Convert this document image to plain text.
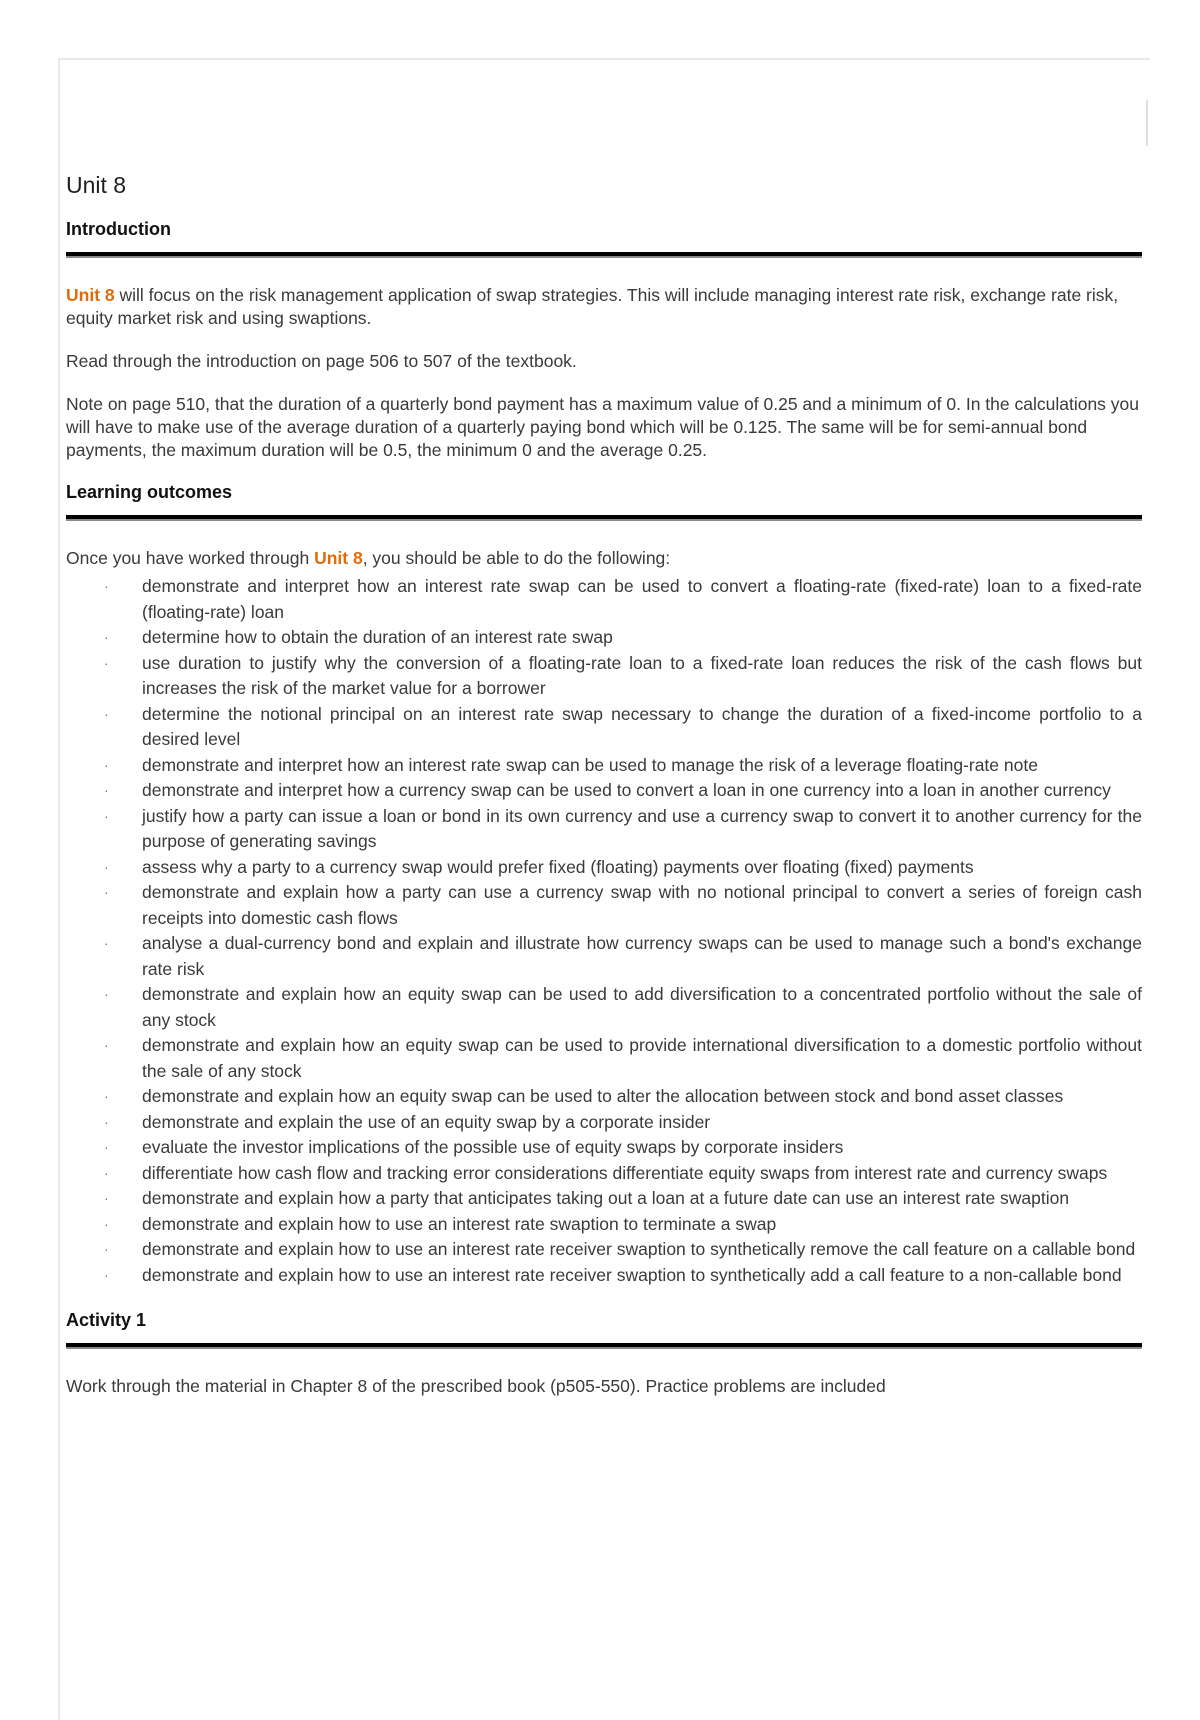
Unit 8
Introduction

Unit 8 will focus on the risk management application of swap strategies. This will include managing interest rate risk, exchange rate risk, equity market risk and using swaptions.

Read through the introduction on page 506 to 507 of the textbook.

Note on page 510, that the duration of a quarterly bond payment has a maximum value of 0.25 and a minimum of 0. In the calculations you will have to make use of the average duration of a quarterly paying bond which will be 0.125. The same will be for semi-annual bond payments, the maximum duration will be 0.5, the minimum 0 and the average 0.25.

Learning outcomes

Once you have worked through Unit 8, you should be able to do the following:

· demonstrate and interpret how an interest rate swap can be used to convert a floating-rate (fixed-rate) loan to a fixed-rate (floating-rate) loan
· determine how to obtain the duration of an interest rate swap
· use duration to justify why the conversion of a floating-rate loan to a fixed-rate loan reduces the risk of the cash flows but increases the risk of the market value for a borrower
· determine the notional principal on an interest rate swap necessary to change the duration of a fixed-income portfolio to a desired level
· demonstrate and interpret how an interest rate swap can be used to manage the risk of a leverage floating-rate note
· demonstrate and interpret how a currency swap can be used to convert a loan in one currency into a loan in another currency
· justify how a party can issue a loan or bond in its own currency and use a currency swap to convert it to another currency for the purpose of generating savings
· assess why a party to a currency swap would prefer fixed (floating) payments over floating (fixed) payments
· demonstrate and explain how a party can use a currency swap with no notional principal to convert a series of foreign cash receipts into domestic cash flows
· analyse a dual-currency bond and explain and illustrate how currency swaps can be used to manage such a bond's exchange rate risk
· demonstrate and explain how an equity swap can be used to add diversification to a concentrated portfolio without the sale of any stock
· demonstrate and explain how an equity swap can be used to provide international diversification to a domestic portfolio without the sale of any stock
· demonstrate and explain how an equity swap can be used to alter the allocation between stock and bond asset classes
· demonstrate and explain the use of an equity swap by a corporate insider
· evaluate the investor implications of the possible use of equity swaps by corporate insiders
· differentiate how cash flow and tracking error considerations differentiate equity swaps from interest rate and currency swaps
· demonstrate and explain how a party that anticipates taking out a loan at a future date can use an interest rate swaption
· demonstrate and explain how to use an interest rate swaption to terminate a swap
· demonstrate and explain how to use an interest rate receiver swaption to synthetically remove the call feature on a callable bond
· demonstrate and explain how to use an interest rate receiver swaption to synthetically add a call feature to a non-callable bond
Activity 1

Work through the material in Chapter 8 of the prescribed book (p505-550). Practice problems are included
